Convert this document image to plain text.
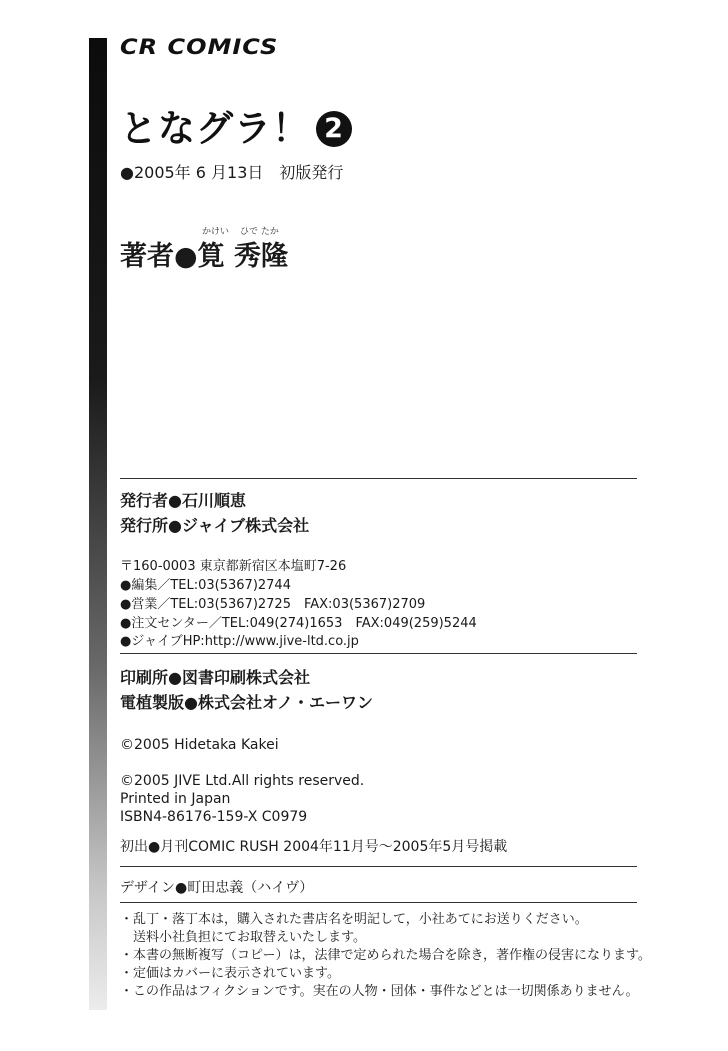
CR COMICS
となグラ！ 2
●2005年 6 月13日　初版発行
かけい ひで たか
著者●筧 秀隆
発行者●石川順恵
発行所●ジャイブ株式会社
〒160-0003 東京都新宿区本塩町7-26
●編集／TEL:03(5367)2744
●営業／TEL:03(5367)2725　FAX:03(5367)2709
●注文センター／TEL:049(274)1653　FAX:049(259)5244
●ジャイブHP:http://www.jive-ltd.co.jp
印刷所●図書印刷株式会社
電植製版●株式会社オノ・エーワン
©2005 Hidetaka Kakei
©2005 JIVE Ltd.All rights reserved.
Printed in Japan
ISBN4-86176-159-X C0979
初出●月刊COMIC RUSH 2004年11月号〜2005年5月号掲載
デザイン●町田忠義（ハイヴ）
・乱丁・落丁本は，購入された書店名を明記して，小社あてにお送りください。
　送料小社負担にてお取替えいたします。
・本書の無断複写（コピー）は，法律で定められた場合を除き，著作権の侵害になります。
・定価はカバーに表示されています。
・この作品はフィクションです。実在の人物・団体・事件などとは一切関係ありません。
